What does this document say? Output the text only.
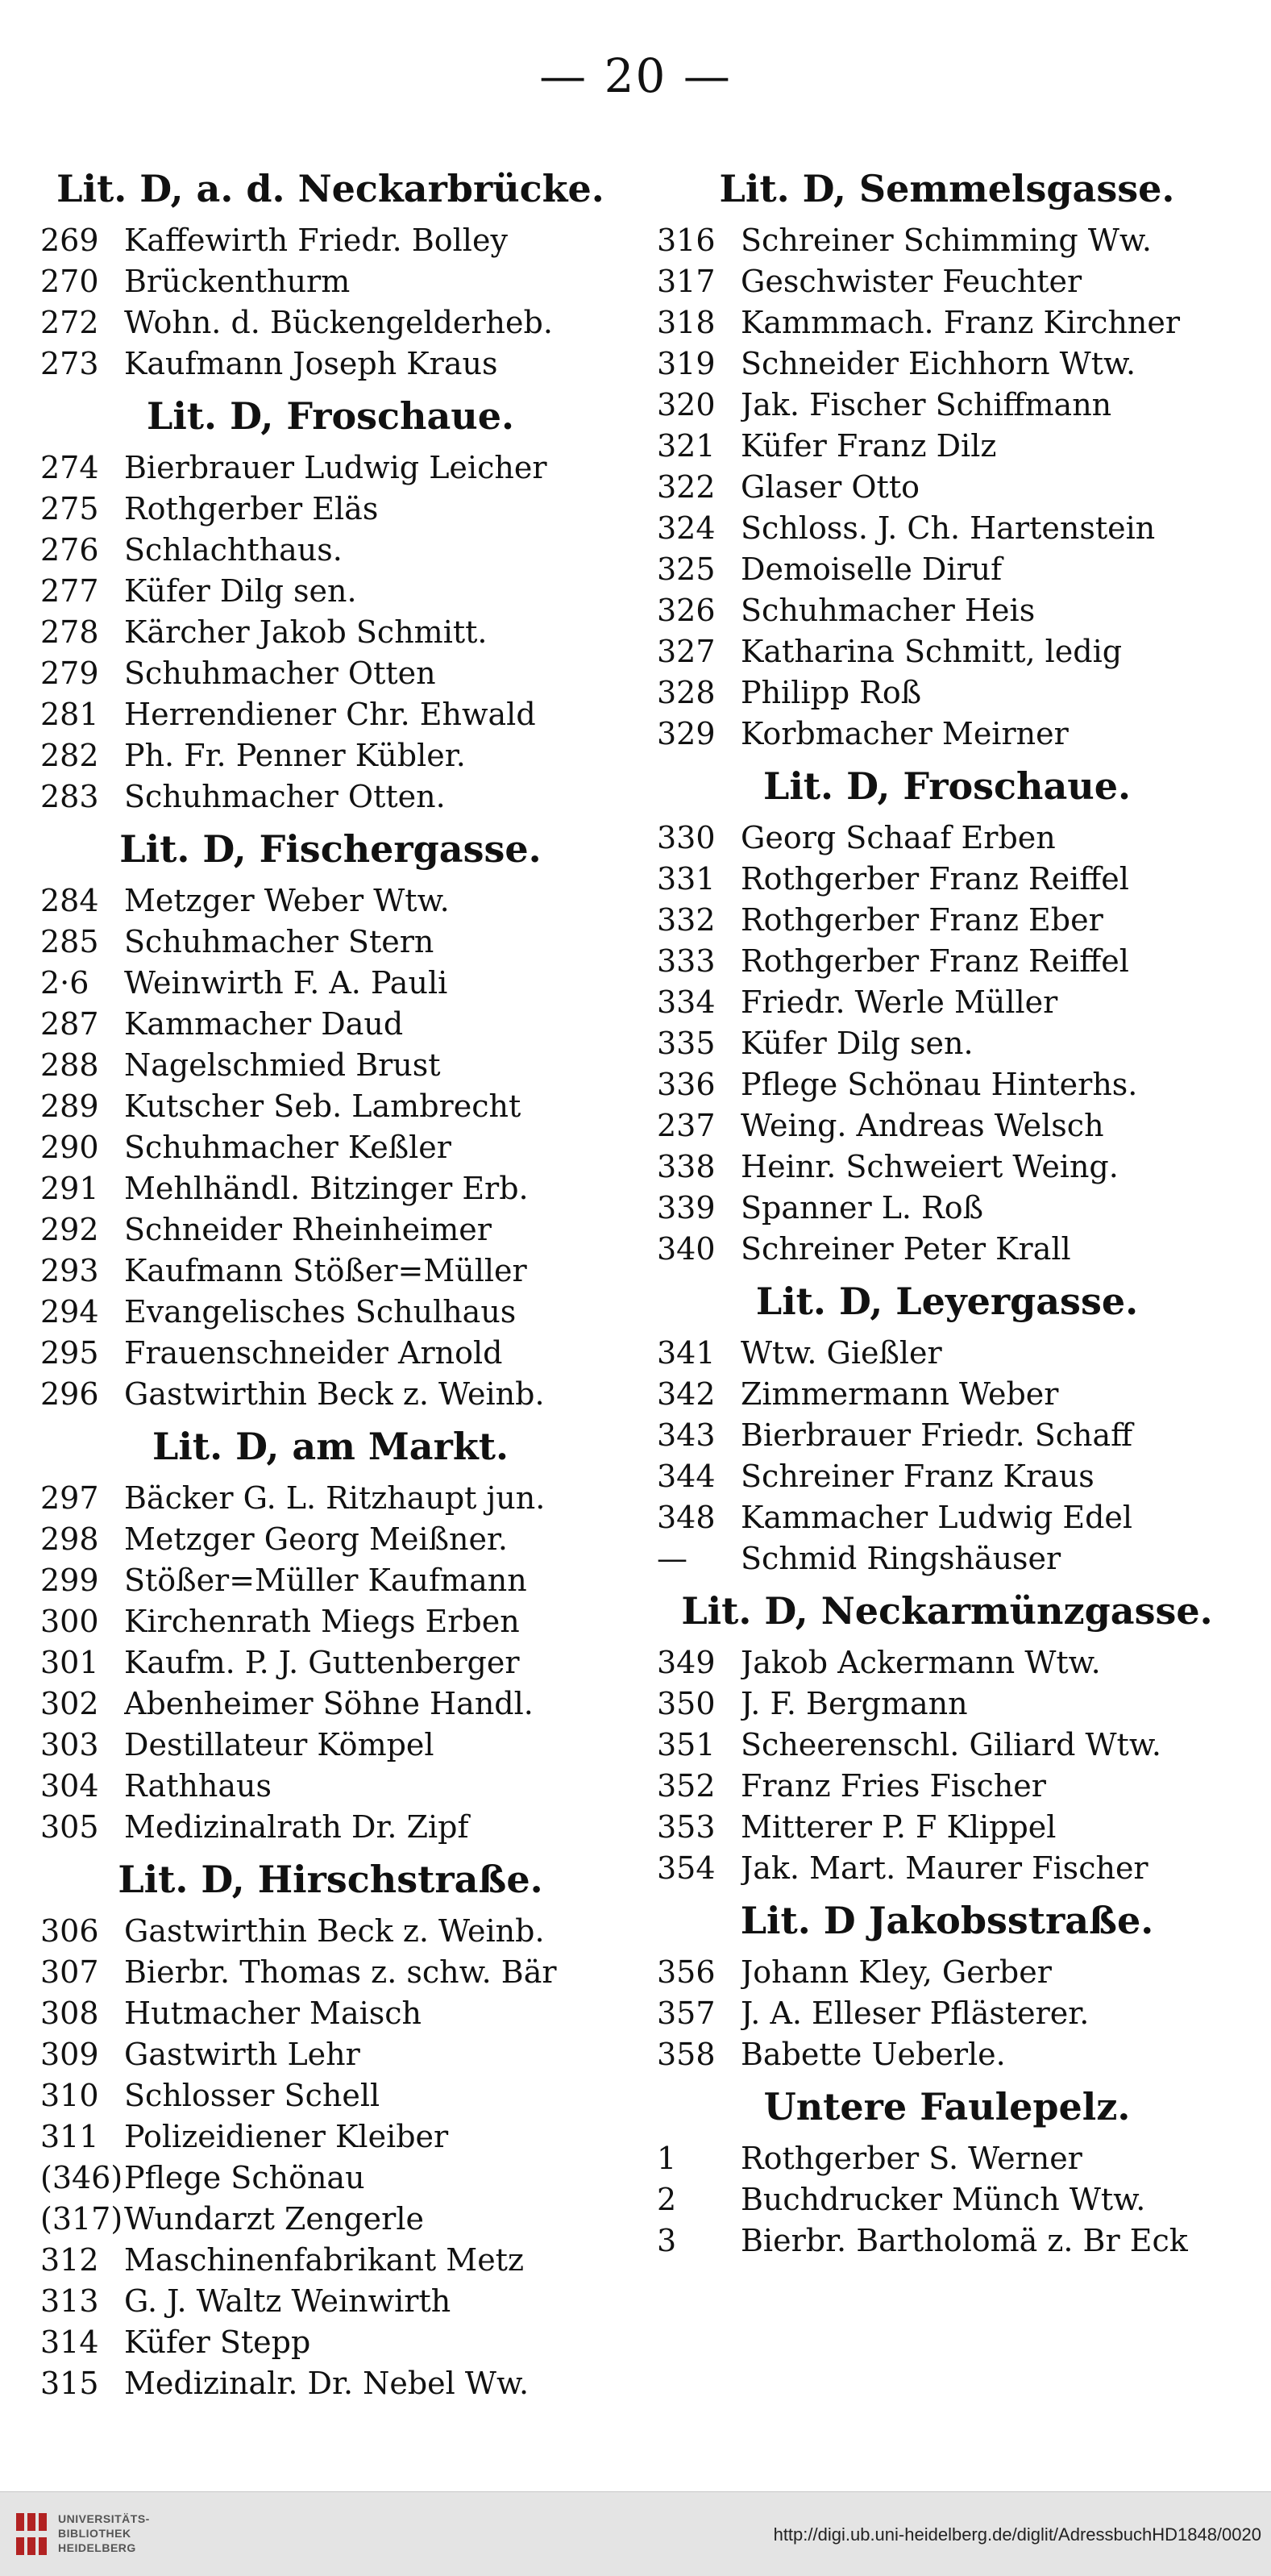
— 20 —
Lit. D, a. d. Neckarbrücke.
269 Kaffewirth Friedr. Bolley
270 Brückenthurm
272 Wohn. d. Bückengelderheb.
273 Kaufmann Joseph Kraus
Lit. D, Froschaue.
274 Bierbrauer Ludwig Leicher
275 Rothgerber Eläs
276 Schlachthaus.
277 Küfer Dilg sen.
278 Kärcher Jakob Schmitt.
279 Schuhmacher Otten
281 Herrendiener Chr. Ehwald
282 Ph. Fr. Penner Kübler.
283 Schuhmacher Otten.
Lit. D, Fischergasse.
284 Metzger Weber Wtw.
285 Schuhmacher Stern
2·6	Weinwirth F. A. Pauli
287 Kammacher Daud
288 Nagelschmied Brust
289 Kutscher Seb. Lambrecht
290 Schuhmacher Keßler
291 Mehlhändl. Bitzinger Erb.
292 Schneider Rheinheimer
293 Kaufmann Stößer=Müller
294 Evangelisches Schulhaus
295 Frauenschneider Arnold
296 Gastwirthin Beck z. Weinb.
Lit. D, am Markt.
297 Bäcker G. L. Ritzhaupt jun.
298 Metzger Georg Meißner.
299 Stößer=Müller Kaufmann
300 Kirchenrath Miegs Erben
301 Kaufm. P. J. Guttenberger
302 Abenheimer Söhne Handl.
303 Destillateur Kömpel
304 Rathhaus
305 Medizinalrath Dr. Zipf
Lit. D, Hirschstraße.
306 Gastwirthin Beck z. Weinb.
307 Bierbr. Thomas z. schw. Bär
308 Hutmacher Maisch
309 Gastwirth Lehr
310 Schlosser Schell
311 Polizeidiener Kleiber
(346) Pflege Schönau
(317) Wundarzt Zengerle
312 Maschinenfabrikant Metz
313 G. J. Waltz Weinwirth
314 Küfer Stepp
315 Medizinalr. Dr. Nebel Ww.
Lit. D, Semmelsgasse.
316 Schreiner Schimming Ww.
317 Geschwister Feuchter
318 Kammmach. Franz Kirchner
319 Schneider Eichhorn Wtw.
320 Jak. Fischer Schiffmann
321 Küfer Franz Dilz
322 Glaser Otto
324 Schloss. J. Ch. Hartenstein
325 Demoiselle Diruf
326 Schuhmacher Heis
327 Katharina Schmitt, ledig
328 Philipp Roß
329 Korbmacher Meirner
Lit. D, Froschaue.
330 Georg Schaaf Erben
331 Rothgerber Franz Reiffel
332 Rothgerber Franz Eber
333 Rothgerber Franz Reiffel
334 Friedr. Werle Müller
335 Küfer Dilg sen.
336 Pflege Schönau Hinterhs.
237 Weing. Andreas Welsch
338 Heinr. Schweiert Weing.
339 Spanner L. Roß
340 Schreiner Peter Krall
Lit. D, Leyergasse.
341 Wtw. Gießler
342 Zimmermann Weber
343 Bierbrauer Friedr. Schaff
344 Schreiner Franz Kraus
348 Kammacher Ludwig Edel
—	Schmid Ringshäuser
Lit. D, Neckarmünzgasse.
349 Jakob Ackermann Wtw.
350 J. F. Bergmann
351 Scheerenschl. Giliard Wtw.
352 Franz Fries Fischer
353 Mitterer P. F Klippel
354 Jak. Mart. Maurer Fischer
Lit. D Jakobsstraße.
356 Johann Kley, Gerber
357 J. A. Elleser Pflästerer.
358 Babette Ueberle.
Untere Faulepelz.
1	Rothgerber S. Werner
2	Buchdrucker Münch Wtw.
3	Bierbr. Bartholomä z. Br Eck
UNIVERSITÄTS-
BIBLIOTHEK
HEIDELBERG
http://digi.ub.uni-heidelberg.de/diglit/AdressbuchHD1848/0020
